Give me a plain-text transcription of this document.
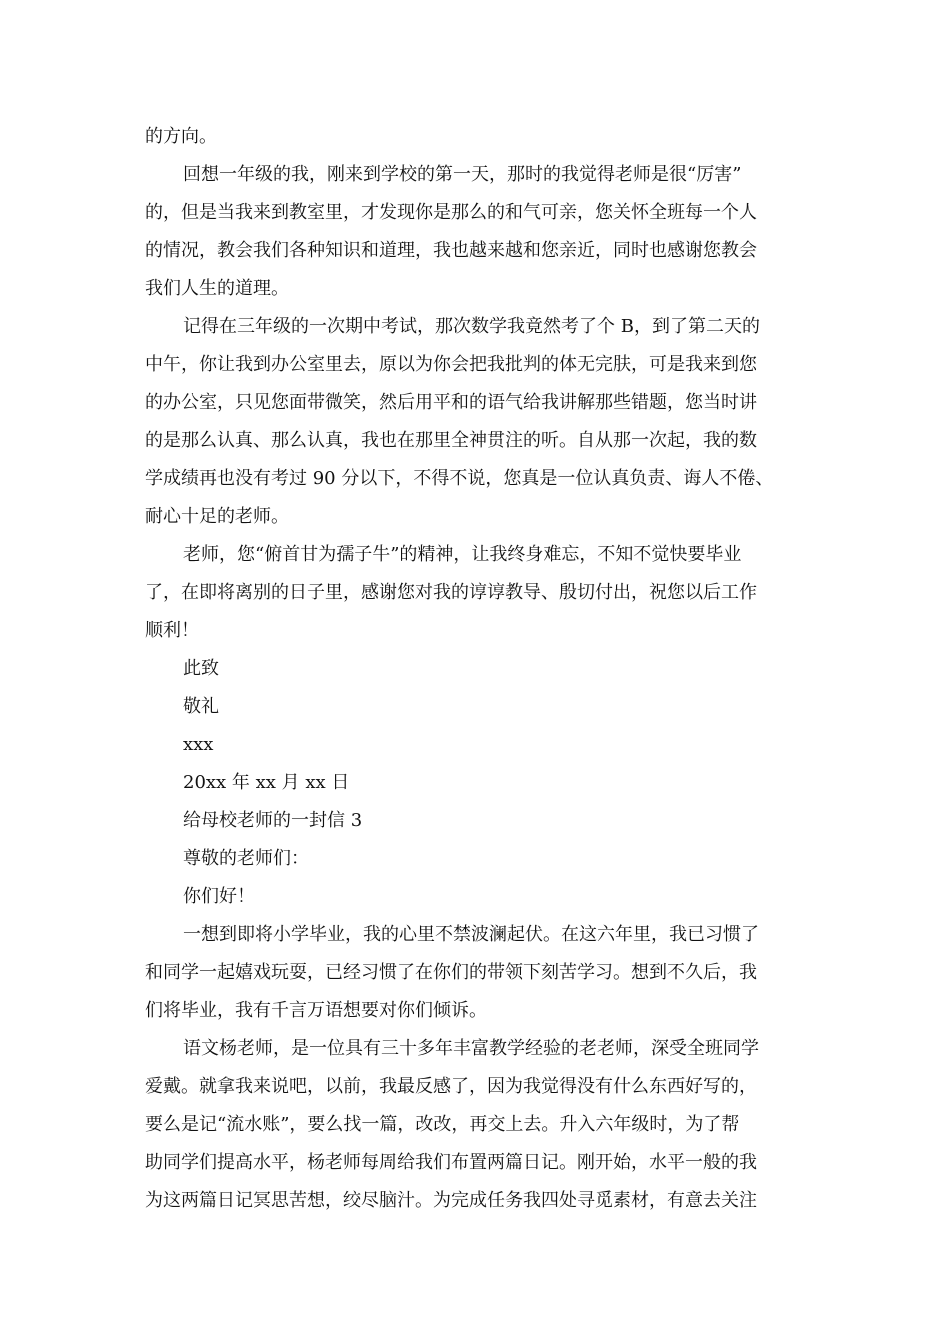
的方向。
回想一年级的我，刚来到学校的第一天，那时的我觉得老师是很“厉害”
的，但是当我来到教室里，才发现你是那么的和气可亲，您关怀全班每一个人
的情况，教会我们各种知识和道理，我也越来越和您亲近，同时也感谢您教会
我们人生的道理。
记得在三年级的一次期中考试，那次数学我竟然考了个 B，到了第二天的
中午，你让我到办公室里去，原以为你会把我批判的体无完肤，可是我来到您
的办公室，只见您面带微笑，然后用平和的语气给我讲解那些错题，您当时讲
的是那么认真、那么认真，我也在那里全神贯注的听。自从那一次起，我的数
学成绩再也没有考过 90 分以下，不得不说，您真是一位认真负责、诲人不倦、
耐心十足的老师。
老师，您“俯首甘为孺子牛”的精神，让我终身难忘，不知不觉快要毕业
了，在即将离别的日子里，感谢您对我的谆谆教导、殷切付出，祝您以后工作
顺利！
此致
敬礼
xxx
20xx 年 xx 月 xx 日
给母校老师的一封信 3
尊敬的老师们：
你们好！
一想到即将小学毕业，我的心里不禁波澜起伏。在这六年里，我已习惯了
和同学一起嬉戏玩耍，已经习惯了在你们的带领下刻苦学习。想到不久后，我
们将毕业，我有千言万语想要对你们倾诉。
语文杨老师，是一位具有三十多年丰富教学经验的老老师，深受全班同学
爱戴。就拿我来说吧，以前，我最反感了，因为我觉得没有什么东西好写的，
要么是记“流水账”，要么找一篇，改改，再交上去。升入六年级时，为了帮
助同学们提高水平，杨老师每周给我们布置两篇日记。刚开始，水平一般的我
为这两篇日记冥思苦想，绞尽脑汁。为完成任务我四处寻觅素材，有意去关注
